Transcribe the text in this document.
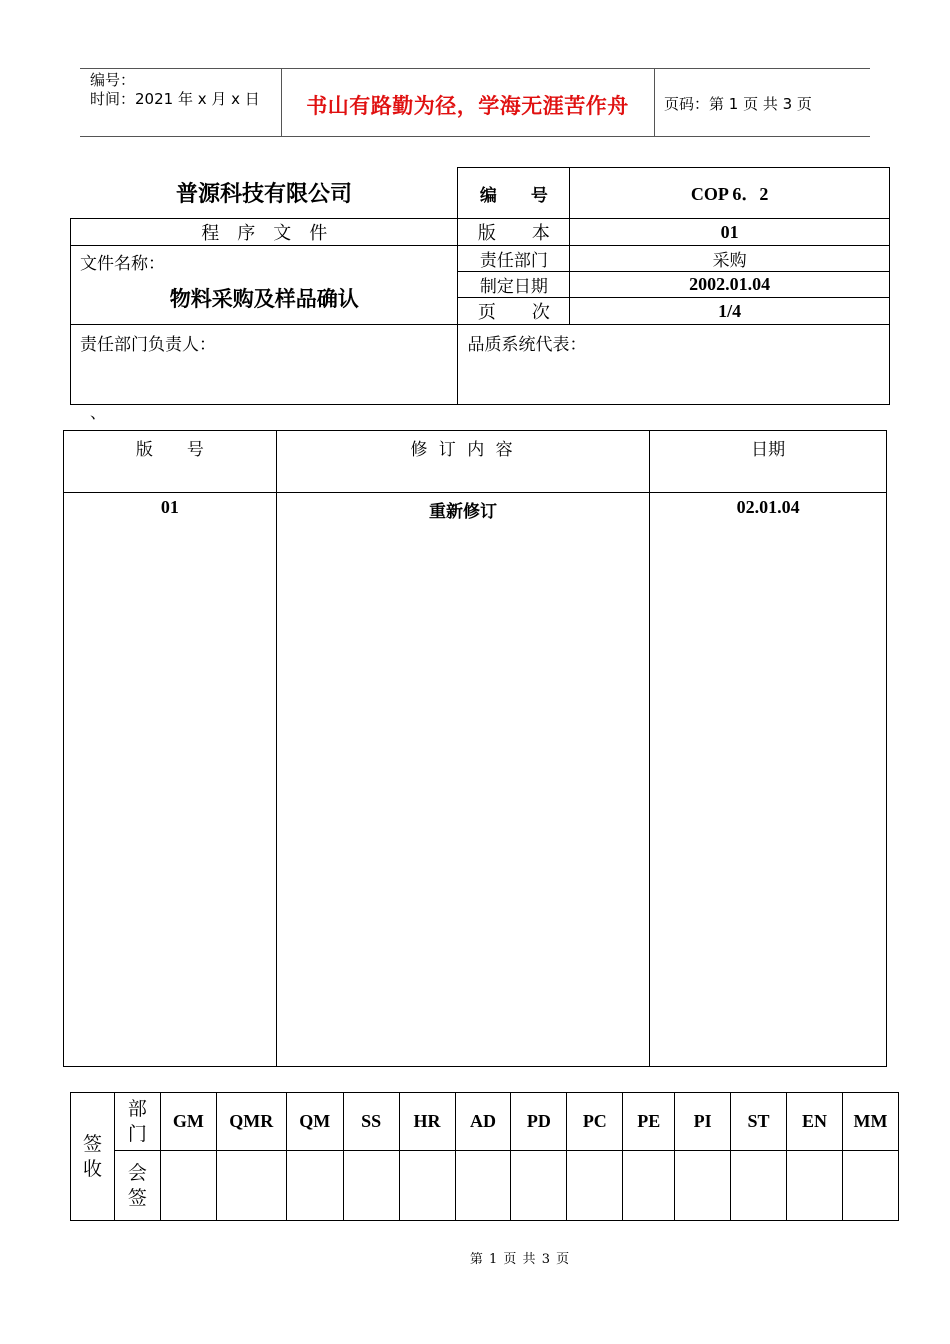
编号：
时间：2021 年 x 月 x 日	书山有路勤为径，学海无涯苦作舟	页码：第 1 页 共 3 页
普源科技有限公司	编　　号	COP 6．2
程　序　文　件	版　　本	01

文件名称：
物料采购及样品确认	责任部门	采购
	制定日期	2002.01.04
	页　　次	1/4
责任部门负责人：	品质系统代表：	
、
版　　号	修 订 内 容	日期
01	重新修订	02.01.04
签收	部门	GM	QMR	QM	SS	HR	AD	PD	PC	PE	PI	ST	EN	MM
	会签													
第 1 页 共 3 页
